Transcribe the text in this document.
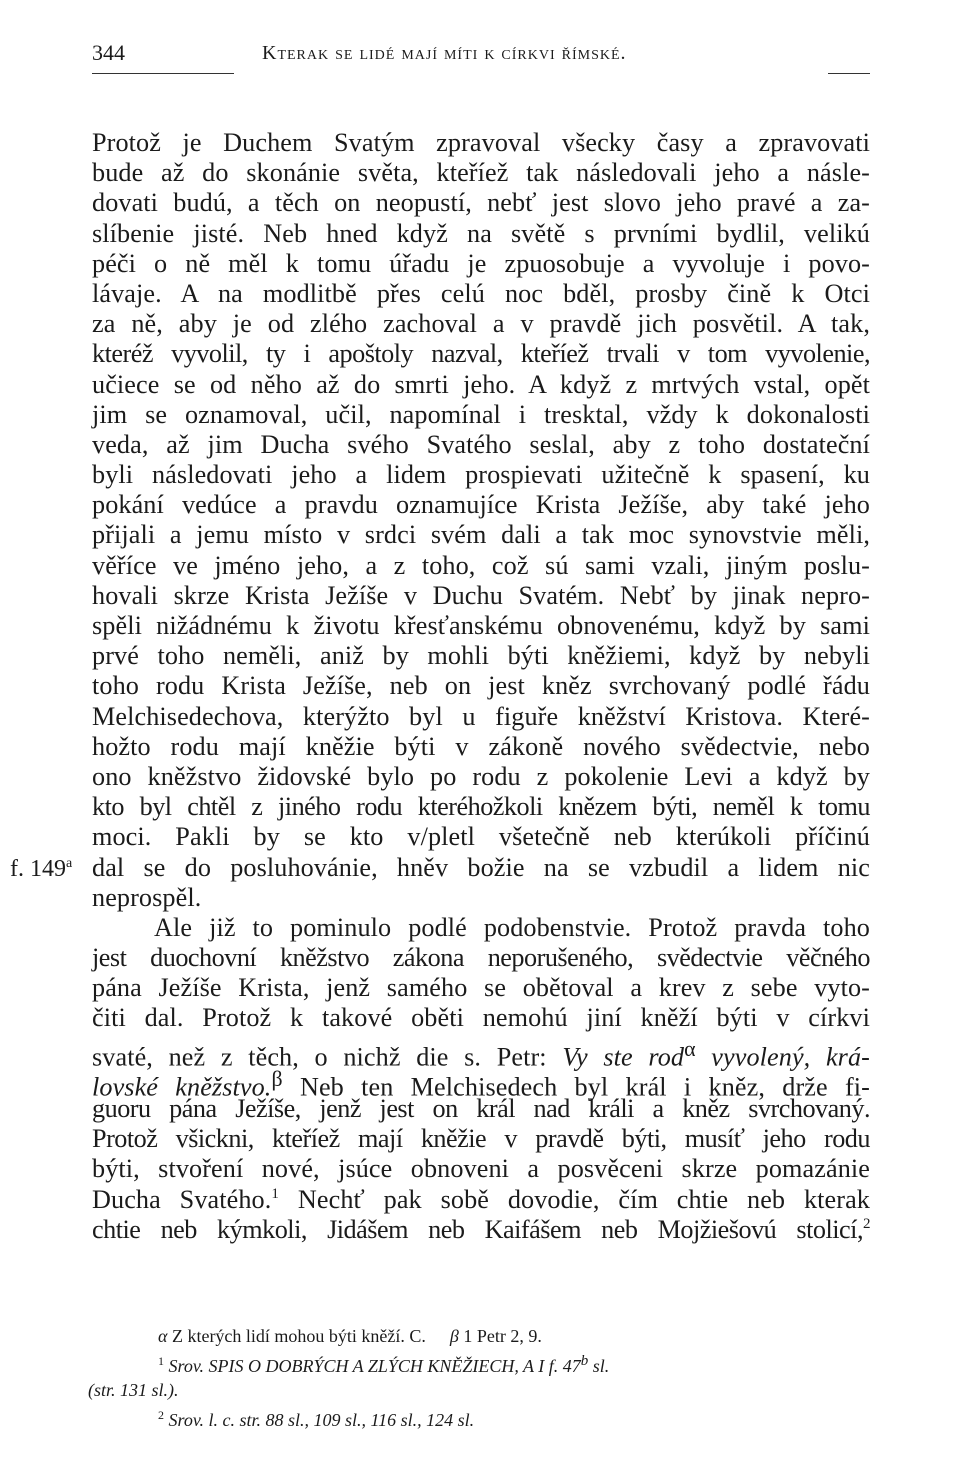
344	Kterak se lidé mají míti k církvi římské.
f. 149$^a$
Protož je Duchem Svatým zpravoval všecky časy a zpravovati
bude až do skonánie světa, kteříež tak následovali jeho a násle-
dovati budú, a těch on neopustí, nebť jest slovo jeho pravé a za-
slíbenie jisté. Neb hned když na světě s prvními bydlil, velikú
péči o ně měl k tomu úřadu je zpuosobuje a vyvoluje i povo-
lávaje. A na modlitbě přes celú noc bděl, prosby čině k Otci
za ně, aby je od zlého zachoval a v pravdě jich posvětil. A tak,
kteréž vyvolil, ty i apoštoly nazval, kteříež trvali v tom vyvolenie,
učiece se od něho až do smrti jeho. A když z mrtvých vstal, opět
jim se oznamoval, učil, napomínal i tresktal, vždy k dokonalosti
veda, až jim Ducha svého Svatého seslal, aby z toho dostateční
byli následovati jeho a lidem prospievati užitečně k spasení, ku
pokání vedúce a pravdu oznamujíce Krista Ježíše, aby také jeho
přijali a jemu místo v srdci svém dali a tak moc synovstvie měli,
věříce ve jméno jeho, a z toho, což sú sami vzali, jiným poslu-
hovali skrze Krista Ježíše v Duchu Svatém. Nebť by jinak nepro-
spěli nižádnému k životu křesťanskému obnovenému, když by sami
prvé toho neměli, aniž by mohli býti kněžiemi, když by nebyli
toho rodu Krista Ježíše, neb on jest kněz svrchovaný podlé řádu
Melchisedechova, kterýžto byl u figuře kněžství Kristova. Které-
hožto rodu mají kněžie býti v zákoně nového svědectvie, nebo
ono kněžstvo židovské bylo po rodu z pokolenie Levi a když by
kto byl chtěl z jiného rodu kteréhožkoli knězem býti, neměl k tomu
moci. Pakli by se kto v/pletl všetečně neb kterúkoli příčinú
dal se do posluhovánie, hněv božie na se vzbudil a lidem nic
neprospěl.
Ale již to pominulo podlé podobenstvie. Protož pravda toho
jest duochovní kněžstvo zákona neporušeného, svědectvie věčného
pána Ježíše Krista, jenž samého se obětoval a krev z sebe vyto-
čiti dal. Protož k takové oběti nemohú jiní kněží býti v církvi
svaté, než z těch, o nichž die s. Petr: Vy ste rod$^\alpha$ vyvolený, krá-
lovské kněžstvo.$^\beta$ Neb ten Melchisedech byl král i kněz, drže fi-
guoru pána Ježíše, jenž jest on král nad králi a kněz svrchovaný.
Protož všickni, kteříež mají kněžie v pravdě býti, musíť jeho rodu
býti, stvoření nové, jsúce obnoveni a posvěceni skrze pomazánie
Ducha Svatého.$^1$ Nechť pak sobě dovodie, čím chtie neb kterak
chtie neb kýmkoli, Jidášem neb Kaifášem neb Mojžiešovú stolicí,$^2$
α Z kterých lidí mohou býti kněží. C. β 1 Petr 2, 9.
$^1$ Srov. SPIS O DOBRÝCH A ZLÝCH KNĚŽIECH, A I f. 47$^b$ sl.
(str. 131 sl.).
$^2$ Srov. l. c. str. 88 sl., 109 sl., 116 sl., 124 sl.
